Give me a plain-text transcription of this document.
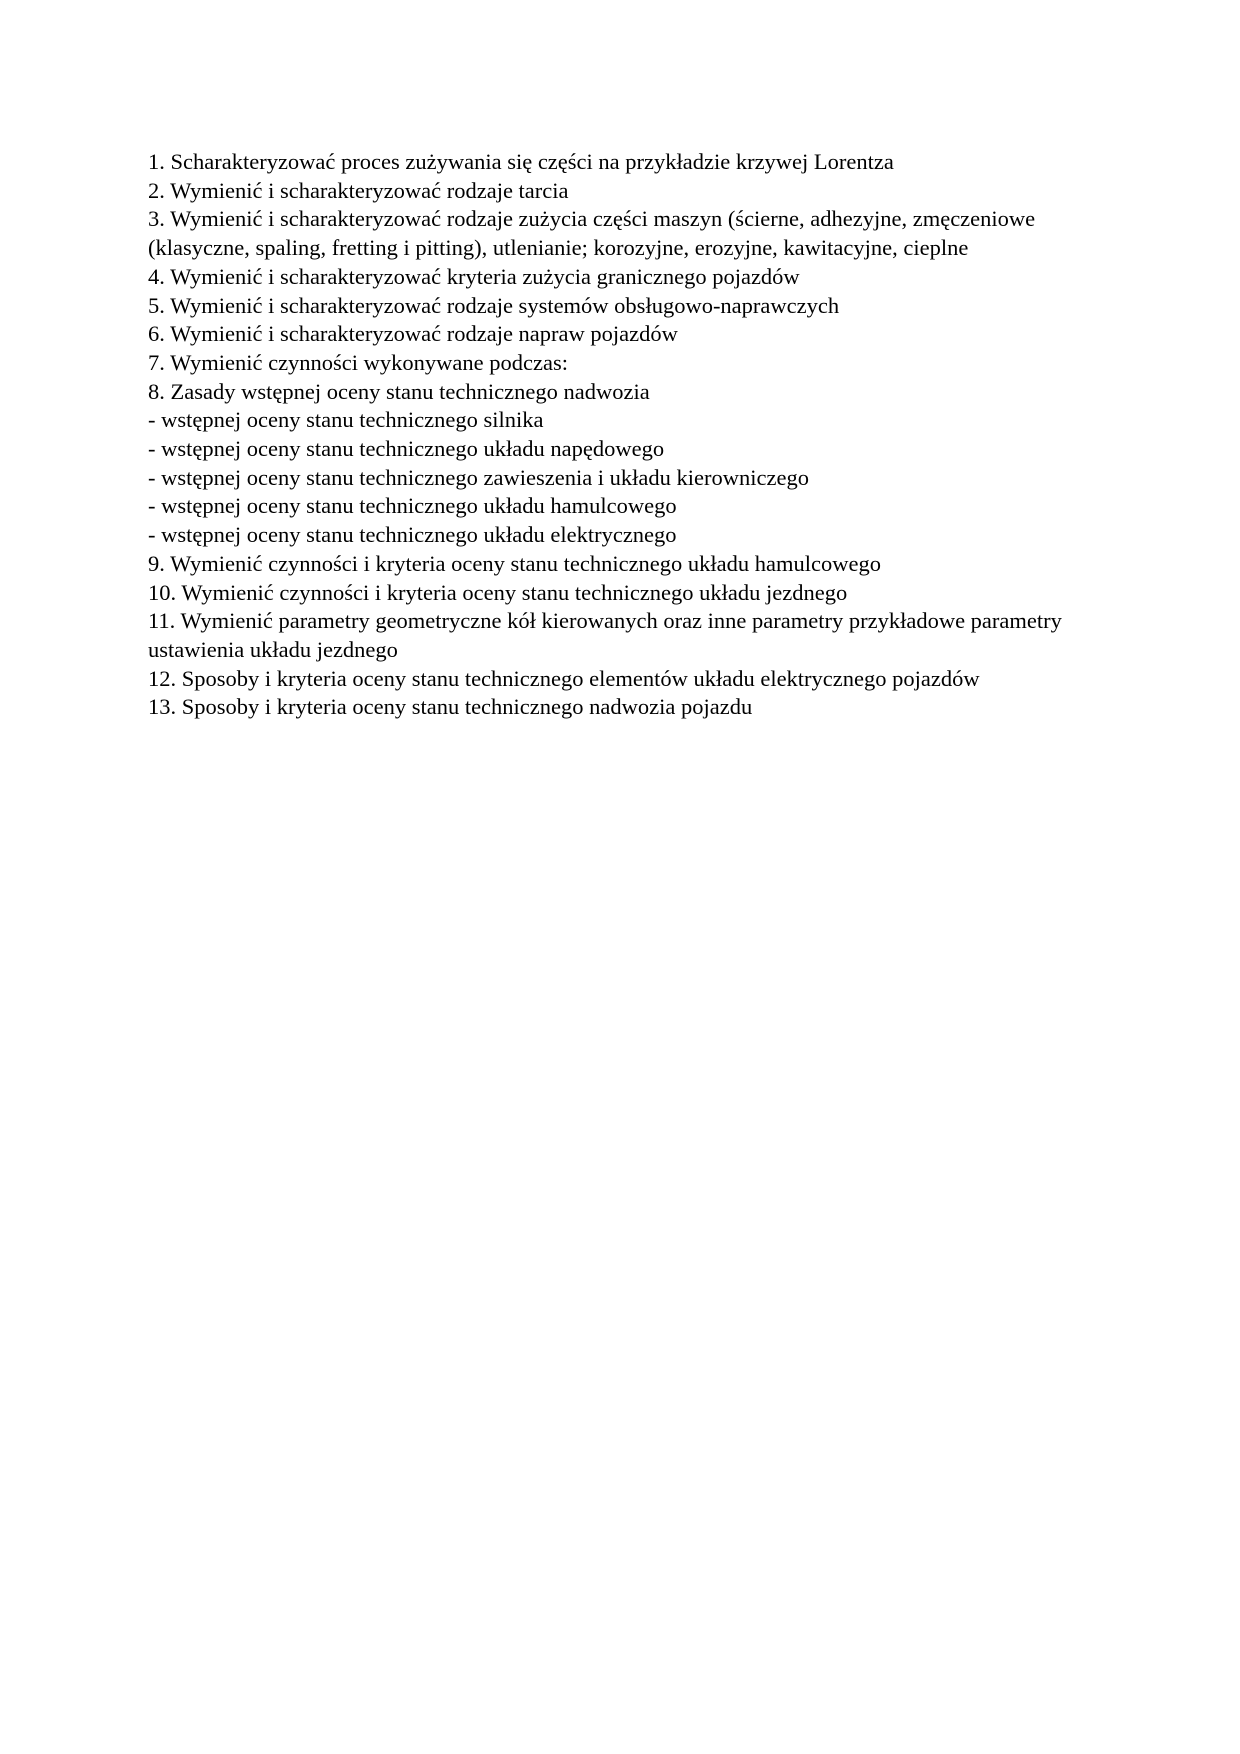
1. Scharakteryzować proces zużywania się części na przykładzie krzywej Lorentza

2. Wymienić i scharakteryzować rodzaje tarcia

3. Wymienić i scharakteryzować rodzaje zużycia części maszyn (ścierne, adhezyjne, zmęczeniowe (klasyczne, spaling, fretting i pitting), utlenianie; korozyjne, erozyjne, kawitacyjne, cieplne

4. Wymienić i scharakteryzować kryteria zużycia granicznego pojazdów

5. Wymienić i scharakteryzować rodzaje systemów obsługowo-naprawczych

6. Wymienić i scharakteryzować rodzaje napraw pojazdów

7. Wymienić czynności wykonywane podczas:

8. Zasady wstępnej oceny stanu technicznego nadwozia

- wstępnej oceny stanu technicznego silnika

- wstępnej oceny stanu technicznego układu napędowego

- wstępnej oceny stanu technicznego zawieszenia i układu kierowniczego

- wstępnej oceny stanu technicznego układu hamulcowego

- wstępnej oceny stanu technicznego układu elektrycznego

9. Wymienić czynności i kryteria oceny stanu technicznego układu hamulcowego

10. Wymienić czynności i kryteria oceny stanu technicznego układu jezdnego

11. Wymienić parametry geometryczne kół kierowanych oraz inne parametry przykładowe parametry ustawienia układu jezdnego

12. Sposoby i kryteria oceny stanu technicznego elementów układu elektrycznego pojazdów

13. Sposoby i kryteria oceny stanu technicznego nadwozia pojazdu
